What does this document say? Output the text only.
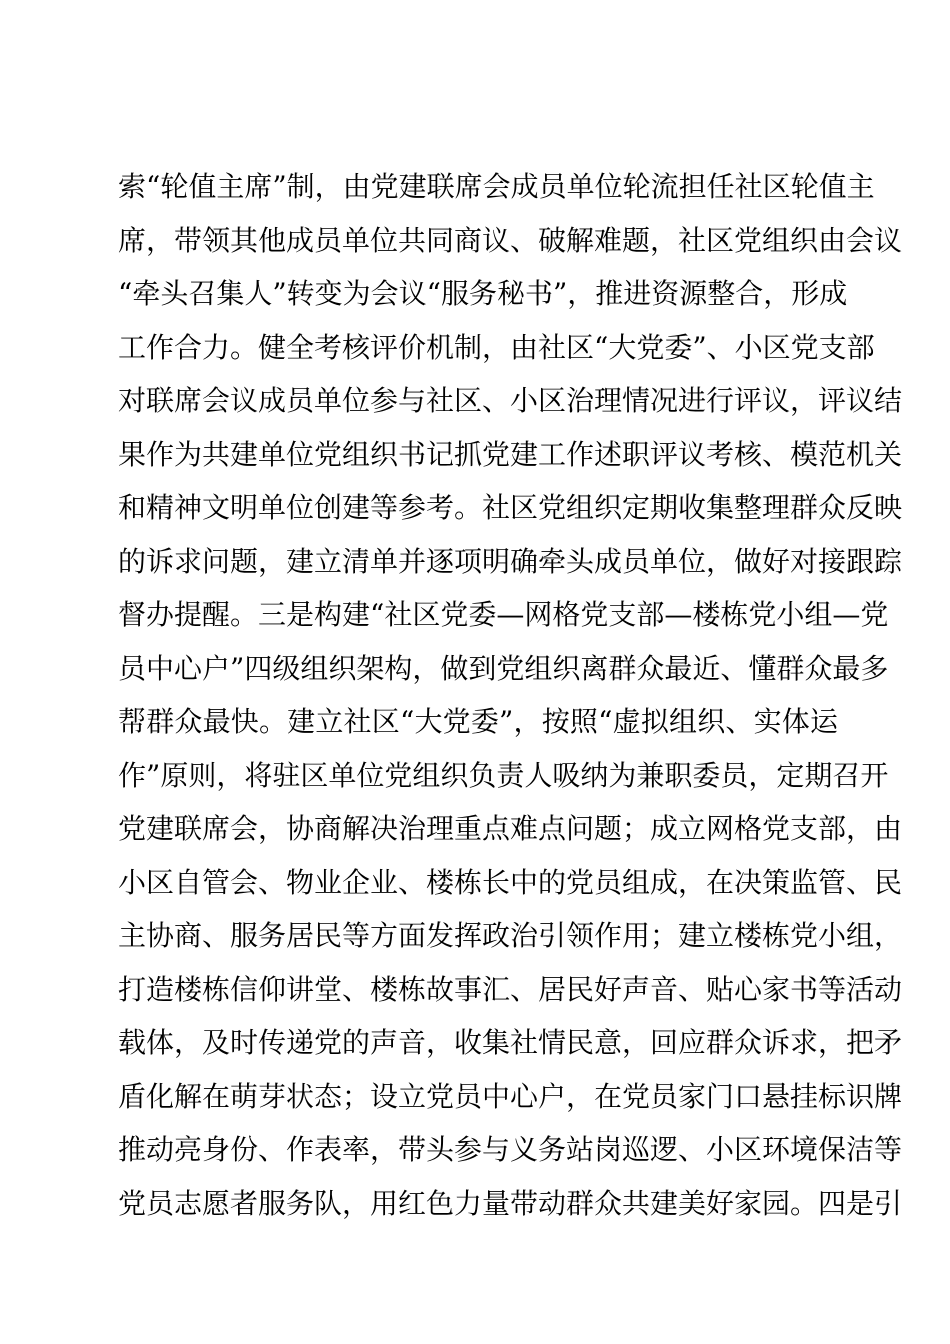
索“轮值主席”制，由党建联席会成员单位轮流担任社区轮值主
席，带领其他成员单位共同商议、破解难题，社区党组织由会议
“牵头召集人”转变为会议“服务秘书”，推进资源整合，形成
工作合力。健全考核评价机制，由社区“大党委”、小区党支部
对联席会议成员单位参与社区、小区治理情况进行评议，评议结
果作为共建单位党组织书记抓党建工作述职评议考核、模范机关
和精神文明单位创建等参考。社区党组织定期收集整理群众反映
的诉求问题，建立清单并逐项明确牵头成员单位，做好对接跟踪
督办提醒。三是构建“社区党委—网格党支部—楼栋党小组—党
员中心户”四级组织架构，做到党组织离群众最近、懂群众最多
帮群众最快。建立社区“大党委”，按照“虚拟组织、实体运
作”原则，将驻区单位党组织负责人吸纳为兼职委员，定期召开
党建联席会，协商解决治理重点难点问题；成立网格党支部，由
小区自管会、物业企业、楼栋长中的党员组成，在决策监管、民
主协商、服务居民等方面发挥政治引领作用；建立楼栋党小组，
打造楼栋信仰讲堂、楼栋故事汇、居民好声音、贴心家书等活动
载体，及时传递党的声音，收集社情民意，回应群众诉求，把矛
盾化解在萌芽状态；设立党员中心户，在党员家门口悬挂标识牌
推动亮身份、作表率，带头参与义务站岗巡逻、小区环境保洁等
党员志愿者服务队，用红色力量带动群众共建美好家园。四是引
